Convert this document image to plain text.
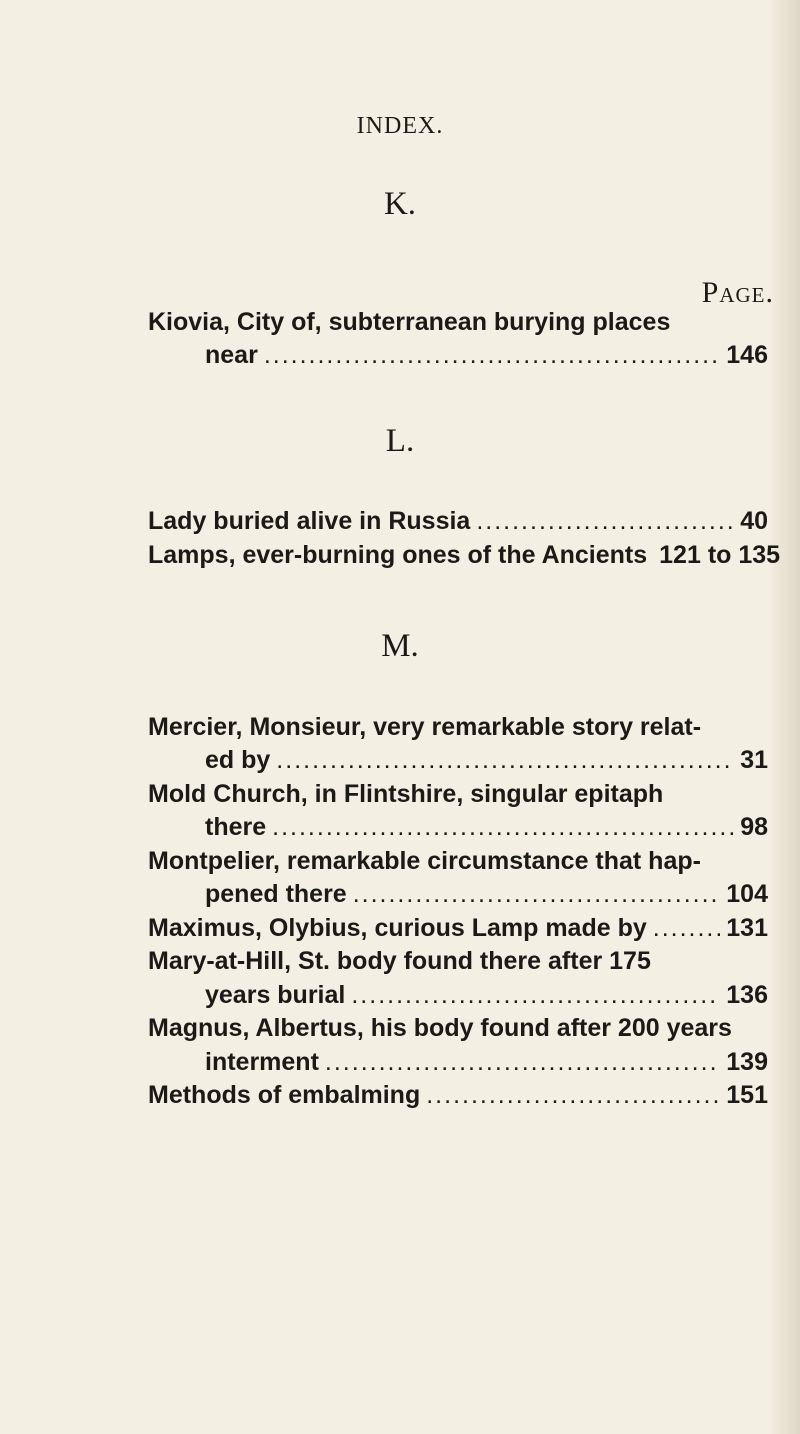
INDEX.
K.
Page.
Kiovia, City of, subterranean burying places
near .....	146
L.
Lady buried alive in Russia .....	40
Lamps, ever-burning ones of the Ancients 121 to 135
M.
Mercier, Monsieur, very remarkable story relat-
ed by .....	31
Mold Church, in Flintshire, singular epitaph
there .....	98
Montpelier, remarkable circumstance that hap-
pened there .....	104
Maximus, Olybius, curious Lamp made by .....	131
Mary-at-Hill, St. body found there after 175
years burial .....	136
Magnus, Albertus, his body found after 200 years
interment .....	139
Methods of embalming .....	151
